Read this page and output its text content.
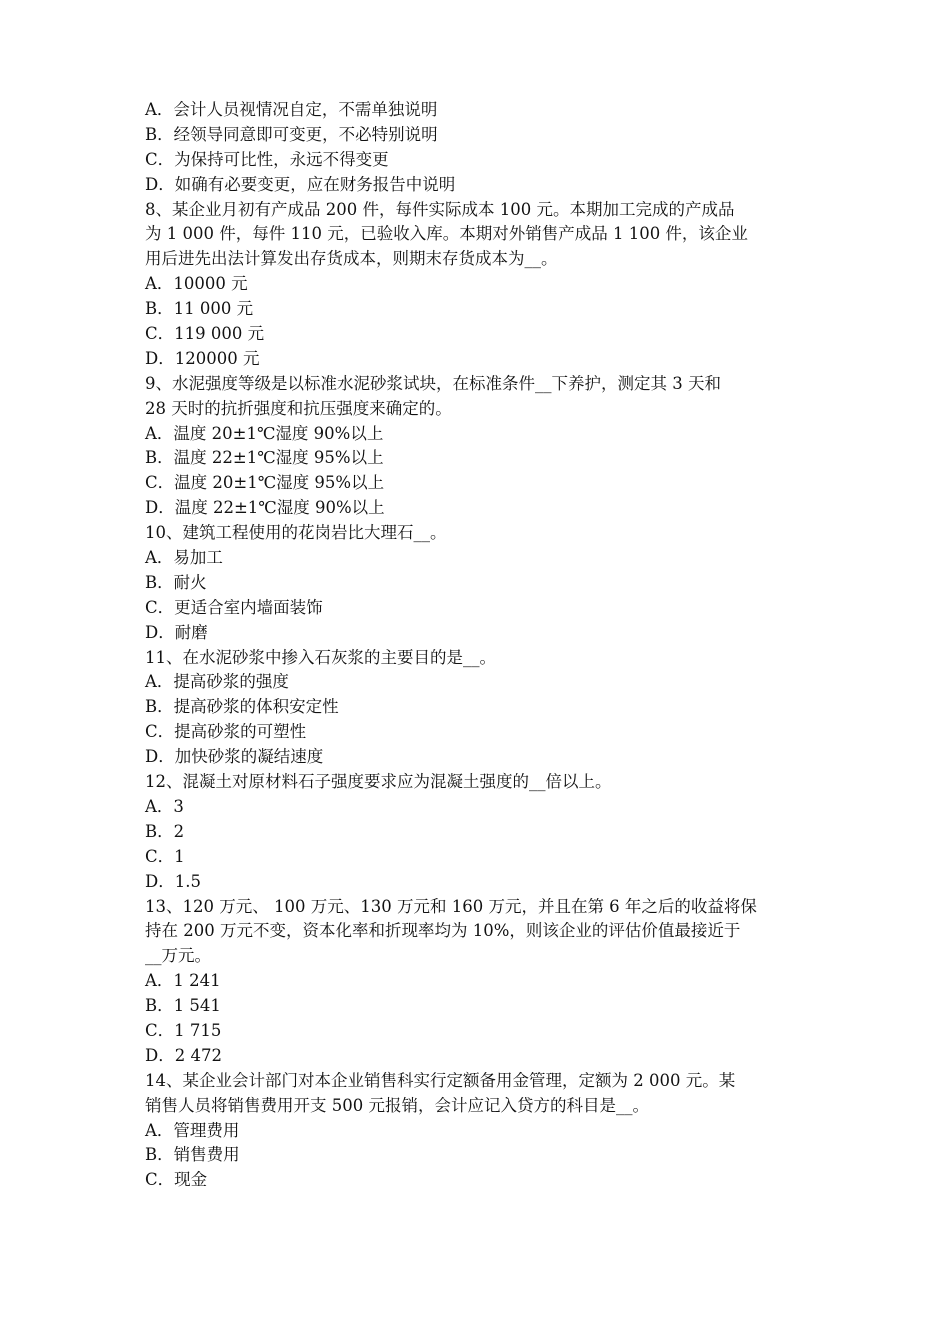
A．会计人员视情况自定，不需单独说明
B．经领导同意即可变更，不必特别说明
C．为保持可比性，永远不得变更
D．如确有必要变更，应在财务报告中说明
8、某企业月初有产成品 200 件，每件实际成本 100 元。本期加工完成的产成品
为 1 000 件，每件 110 元，已验收入库。本期对外销售产成品 1 100 件，该企业
用后进先出法计算发出存货成本，则期末存货成本为__。
A．10000 元
B．11 000 元
C．119 000 元
D．120000 元
9、水泥强度等级是以标准水泥砂浆试块，在标准条件__下养护，测定其 3 天和
28 天时的抗折强度和抗压强度来确定的。
A．温度 20±1℃湿度 90%以上
B．温度 22±1℃湿度 95%以上
C．温度 20±1℃湿度 95%以上
D．温度 22±1℃湿度 90%以上
10、建筑工程使用的花岗岩比大理石__。
A．易加工
B．耐火
C．更适合室内墙面装饰
D．耐磨
11、在水泥砂浆中掺入石灰浆的主要目的是__。
A．提高砂浆的强度
B．提高砂浆的体积安定性
C．提高砂浆的可塑性
D．加快砂浆的凝结速度
12、混凝土对原材料石子强度要求应为混凝土强度的__倍以上。
A．3
B．2
C．1
D．1.5
13、120 万元、 100 万元、130 万元和 160 万元，并且在第 6 年之后的收益将保
持在 200 万元不变，资本化率和折现率均为 10%，则该企业的评估价值最接近于
__万元。
A．1 241
B．1 541
C．1 715
D．2 472
14、某企业会计部门对本企业销售科实行定额备用金管理，定额为 2 000 元。某
销售人员将销售费用开支 500 元报销，会计应记入贷方的科目是__。
A．管理费用
B．销售费用
C．现金
